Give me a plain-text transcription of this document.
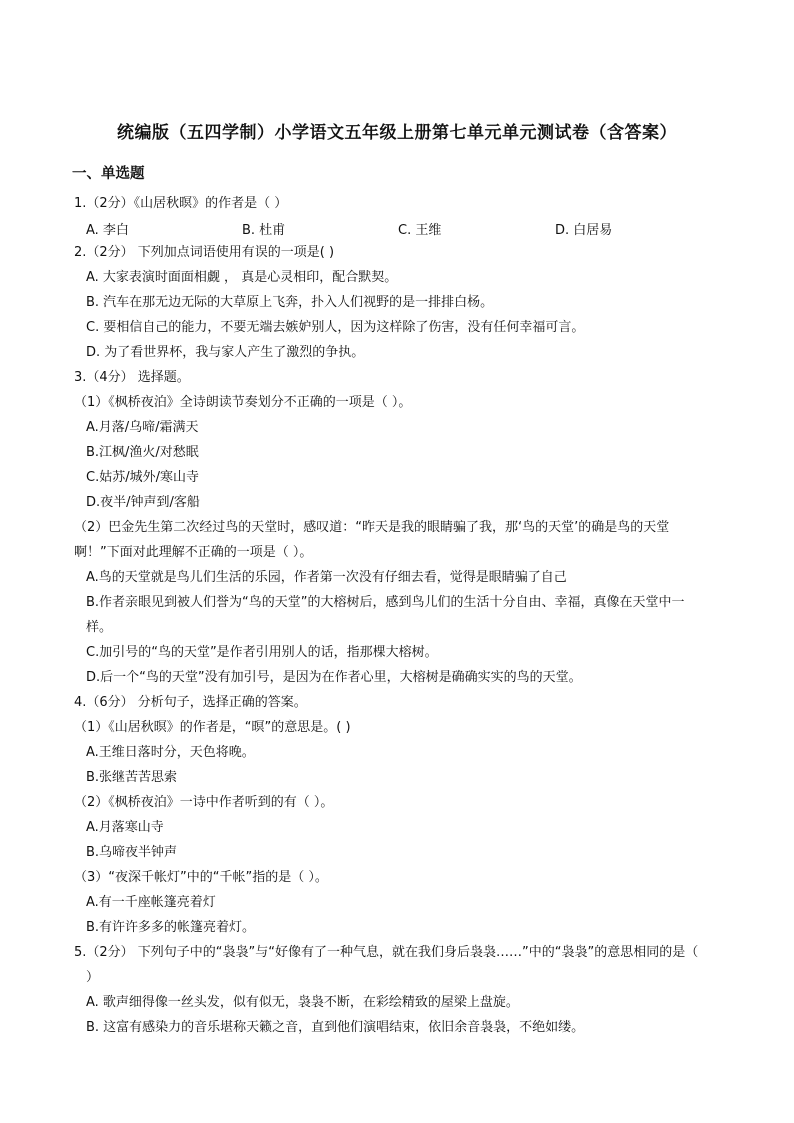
统编版（五四学制）小学语文五年级上册第七单元单元测试卷（含答案）
一、单选题
1.（2分）《山居秋暝》的作者是（ ）
A. 李白	B. 杜甫	C. 王维	D. 白居易
2.（2分） 下列加点词语使用有误的一项是( )
A. 大家表演时面面相觑 ， 真是心灵相印，配合默契。
B. 汽车在那无边无际的大草原上飞奔，扑入人们视野的是一排排白杨。
C. 要相信自己的能力，不要无端去嫉妒别人，因为这样除了伤害，没有任何幸福可言。
D. 为了看世界杯，我与家人产生了激烈的争执。
3.（4分） 选择题。
（1）《枫桥夜泊》全诗朗读节奏划分不正确的一项是（ ）。
A.月落/乌啼/霜满天
B.江枫/渔火/对愁眠
C.姑苏/城外/寒山寺
D.夜半/钟声到/客船
（2）巴金先生第二次经过鸟的天堂时，感叹道：“昨天是我的眼睛骗了我，那‘鸟的天堂’的确是鸟的天堂
啊！”下面对此理解不正确的一项是（ ）。
A.鸟的天堂就是鸟儿们生活的乐园，作者第一次没有仔细去看，觉得是眼睛骗了自己
B.作者亲眼见到被人们誉为“鸟的天堂”的大榕树后，感到鸟儿们的生活十分自由、幸福，真像在天堂中一
样。
C.加引号的“鸟的天堂”是作者引用别人的话，指那棵大榕树。
D.后一个“鸟的天堂”没有加引号，是因为在作者心里，大榕树是确确实实的鸟的天堂。
4.（6分） 分析句子，选择正确的答案。
（1）《山居秋暝》的作者是，“暝”的意思是。( )
A.王维日落时分，天色将晚。
B.张继苦苦思索
（2）《枫桥夜泊》一诗中作者听到的有（ ）。
A.月落寒山寺
B.乌啼夜半钟声
（3）“夜深千帐灯”中的“千帐”指的是（ ）。
A.有一千座帐篷亮着灯
B.有许许多多的帐篷亮着灯。
5.（2分） 下列句子中的“袅袅”与“好像有了一种气息，就在我们身后袅袅……”中的“袅袅”的意思相同的是（
）
A. 歌声细得像一丝头发，似有似无，袅袅不断，在彩绘精致的屋梁上盘旋。
B. 这富有感染力的音乐堪称天籁之音，直到他们演唱结束，依旧余音袅袅，不绝如缕。
